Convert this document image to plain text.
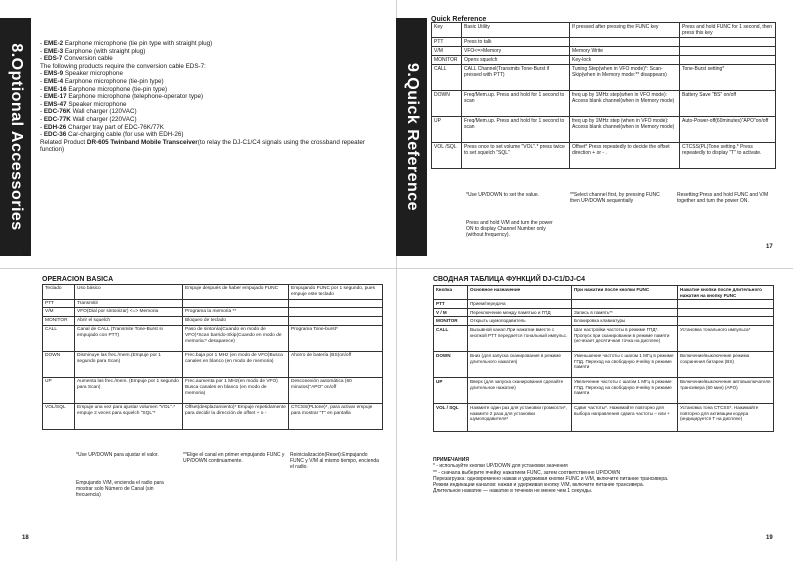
8.Optional Accessories - EME-2 Earphone microphone (tie pin type with straight plug)
- EME-3 Earphone (with straight plug)
- EDS-7 Conversion cable
The following products require the conversion cable EDS-7:
- EMS-9 Speaker microphone
- EME-4 Earphone microphone (tie-pin type)
- EME-16 Earphone microphone (tie-pin type)
- EME-17 Earphone microphone (telephone-operator type)
- EMS-47 Speaker microphone
- EDC-76K Wall charger (120VAC)
- EDC-77K Wall charger (220VAC)
- EDH-26 Charger tray part of EDC-76K/77K
- EDC-36 Car-charging cable (for use with EDH-26)
Related Product DR-605 Twinband Mobile Transceiver(to relay the DJ-C1/C4 signals using the crossband repeater function)
16
9.Quick Reference
Quick Reference
Key	Basic Utility	If pressed after pressing the FUNC key	Press and hold FUNC for 1 second, then press this key
PTT	Press to talk		
V/M	VFO<=>Memory	Memory Write	
MONITOR	Opens squelch	Key-lock	
CALL	CALL Channel(Transmits Tone-Burst if pressed with PTT)	Tuning Step(when in VFO mode)*: Scan-Skip(when in Memory mode:** disappears)	Tone-Burst setting*
DOWN	Freq/Mem.up. Press and hold for 1 second to scan	freq up by 1MHz step(when in VFO mode): Access blank channel(when in Memory mode)	Battery Save "BS" on/off
UP	Freq/Mem.up. Press and hold for 1 second to scan	freq up by 1MHz step (when in VFO mode): Access blank channel(when in Memory mode)	Auto-Power-off(60minutes)"APO"on/off
VOL /SQL	Press once to set volume "VOL".* press twice to set squelch "SQL"	Offset* Press repeatedly to decide the offset direction + or - .	CTCSS(PL)Tone setting.* Press repeatedly to display "T" to activate.
*Use UP/DOWN to set the value.	**Select channel first, by pressing FUNC then UP/DOWN sequentially
Resetting:Press and hold FUNC and V/M together and turn the power ON.
Press and hold V/M and turn the power ON to display Channel Number only (without frequency).
17
OPERACION BASICA
Teclado	Uso básico	Empuje después de haber empujado FUNC	Empujando FUNC por 1 segundo, pues empuje este teclado
PTT	Transmitir		
V/M	VFO(Dial por sintonizar) <=> Memoria	Programa la memoria **	
MONITOR	Abrir el squelch	Bloqueo de teclado	
CALL	Canal de CALL (Transmite Tone-Burst si empujado con PTT)	Paso de sintonía(Cuando en modo de VFO)*Scan barrido-Skip(Cuando en modo de memoria:* desaparece)	Programa Tone-burst*
DOWN	Disminuye las frec./mem.(Empuje por 1 segundo para Scan)	Frec.baja por 1 MHz (en modo de VFO)Busca canales en blanco (en modo de memoria)	Ahorro de batería (BS)on/off
UP	Aumenta las frec./mem. (Empuje por 1 segundo para Scan)	Frec.aumenta por 1 MHz(en modo de VFO) Busca canales en blanco (en modo de memoria)	Desconexión automática (60 minutos)"APO" on/off
VOL/SQL	Empuje una vez para ajustar volumen "VOL".* empuje 2 veces para squelch "SQL"*	Offset(desplazamiento)* Empuje repetidamente para decidir la dirección de offset + o -	CTCSS(PLtone)*, para activar empuje para mostrar "T" en pantalla
*Use UP/DOWN para ajustar el valor.	**Elige el canal en primer empujando FUNC y UP/DOWN continuamente.
Reinicialización(Reset):Empujando FUNC y V/M al mismo tiempo, encienda el radio.
Empujando V/M, encienda el radio para mostrar solo Número de Canal (sin frecuencia)
18
СВОДНАЯ ТАБЛИЦА ФУНКЦИЙ DJ-C1/DJ-C4
Кнопка	Основное назначение	При нажатии после кнопки FUNC	Нажатие кнопки после длительного нажатия на кнопку FUNC
PTT	Прием/передача		
V / M	Переключение между памятью и ГПД	Запись в память**	
MONITOR	Открыть шумоподавитель	Блокировка клавиатуры	
CALL	Вызывной канал.При нажатии вместе с кнопкой PTT передается тональный импульс.	Шаг настройки частоты в режиме ГПД*. Пропуск при сканировании в режиме памяти (исчезает десятичная точка на дисплее)	Установка тонального импульса*
DOWN	Вниз (для запуска сканирования в режиме длительного нажатия)	Уменьшение частоты с шагом 1 МГц в режиме ГПД. Переход на свободную ячейку в режиме памяти	Включение/выключение режима сохранения батареи (BS)
UP	Вверх (для запуска сканирования сделайте длительное нажатие)	Увеличение частоты с шагом 1 МГц в режиме ГПД. Переход на свободную ячейку в режиме памяти	Включение/выключение автовыключателя трансивера (60 мин) (APO)
VOL / SQL	Нажмите один раз для установки громкости*, нажмите 2 раза для установки шумоподавителя*	Сдвиг частоты*. Нажимайте повторно для выбора направления сдвига частоты – или +	Установка тона CTCSS*. Нажимайте повторно для активации кодера (индицируется Т на дисплее)
ПРИМЕЧАНИЯ
* - используйте кнопки UP/DOWN для установки значения
** - сначала выберите ячейку нажатием FUNC, затем соответственно UP/DOWN
Перезагрузка: одновременно нажав и удерживая кнопки FUNC и V/M, включите питание трансивера.
Режим индикации каналов: нажав и удерживая кнопку V/M, включите питание трансивера.
Длительное нажатие — нажатие в течении не менее чем 1 секунды.
19
